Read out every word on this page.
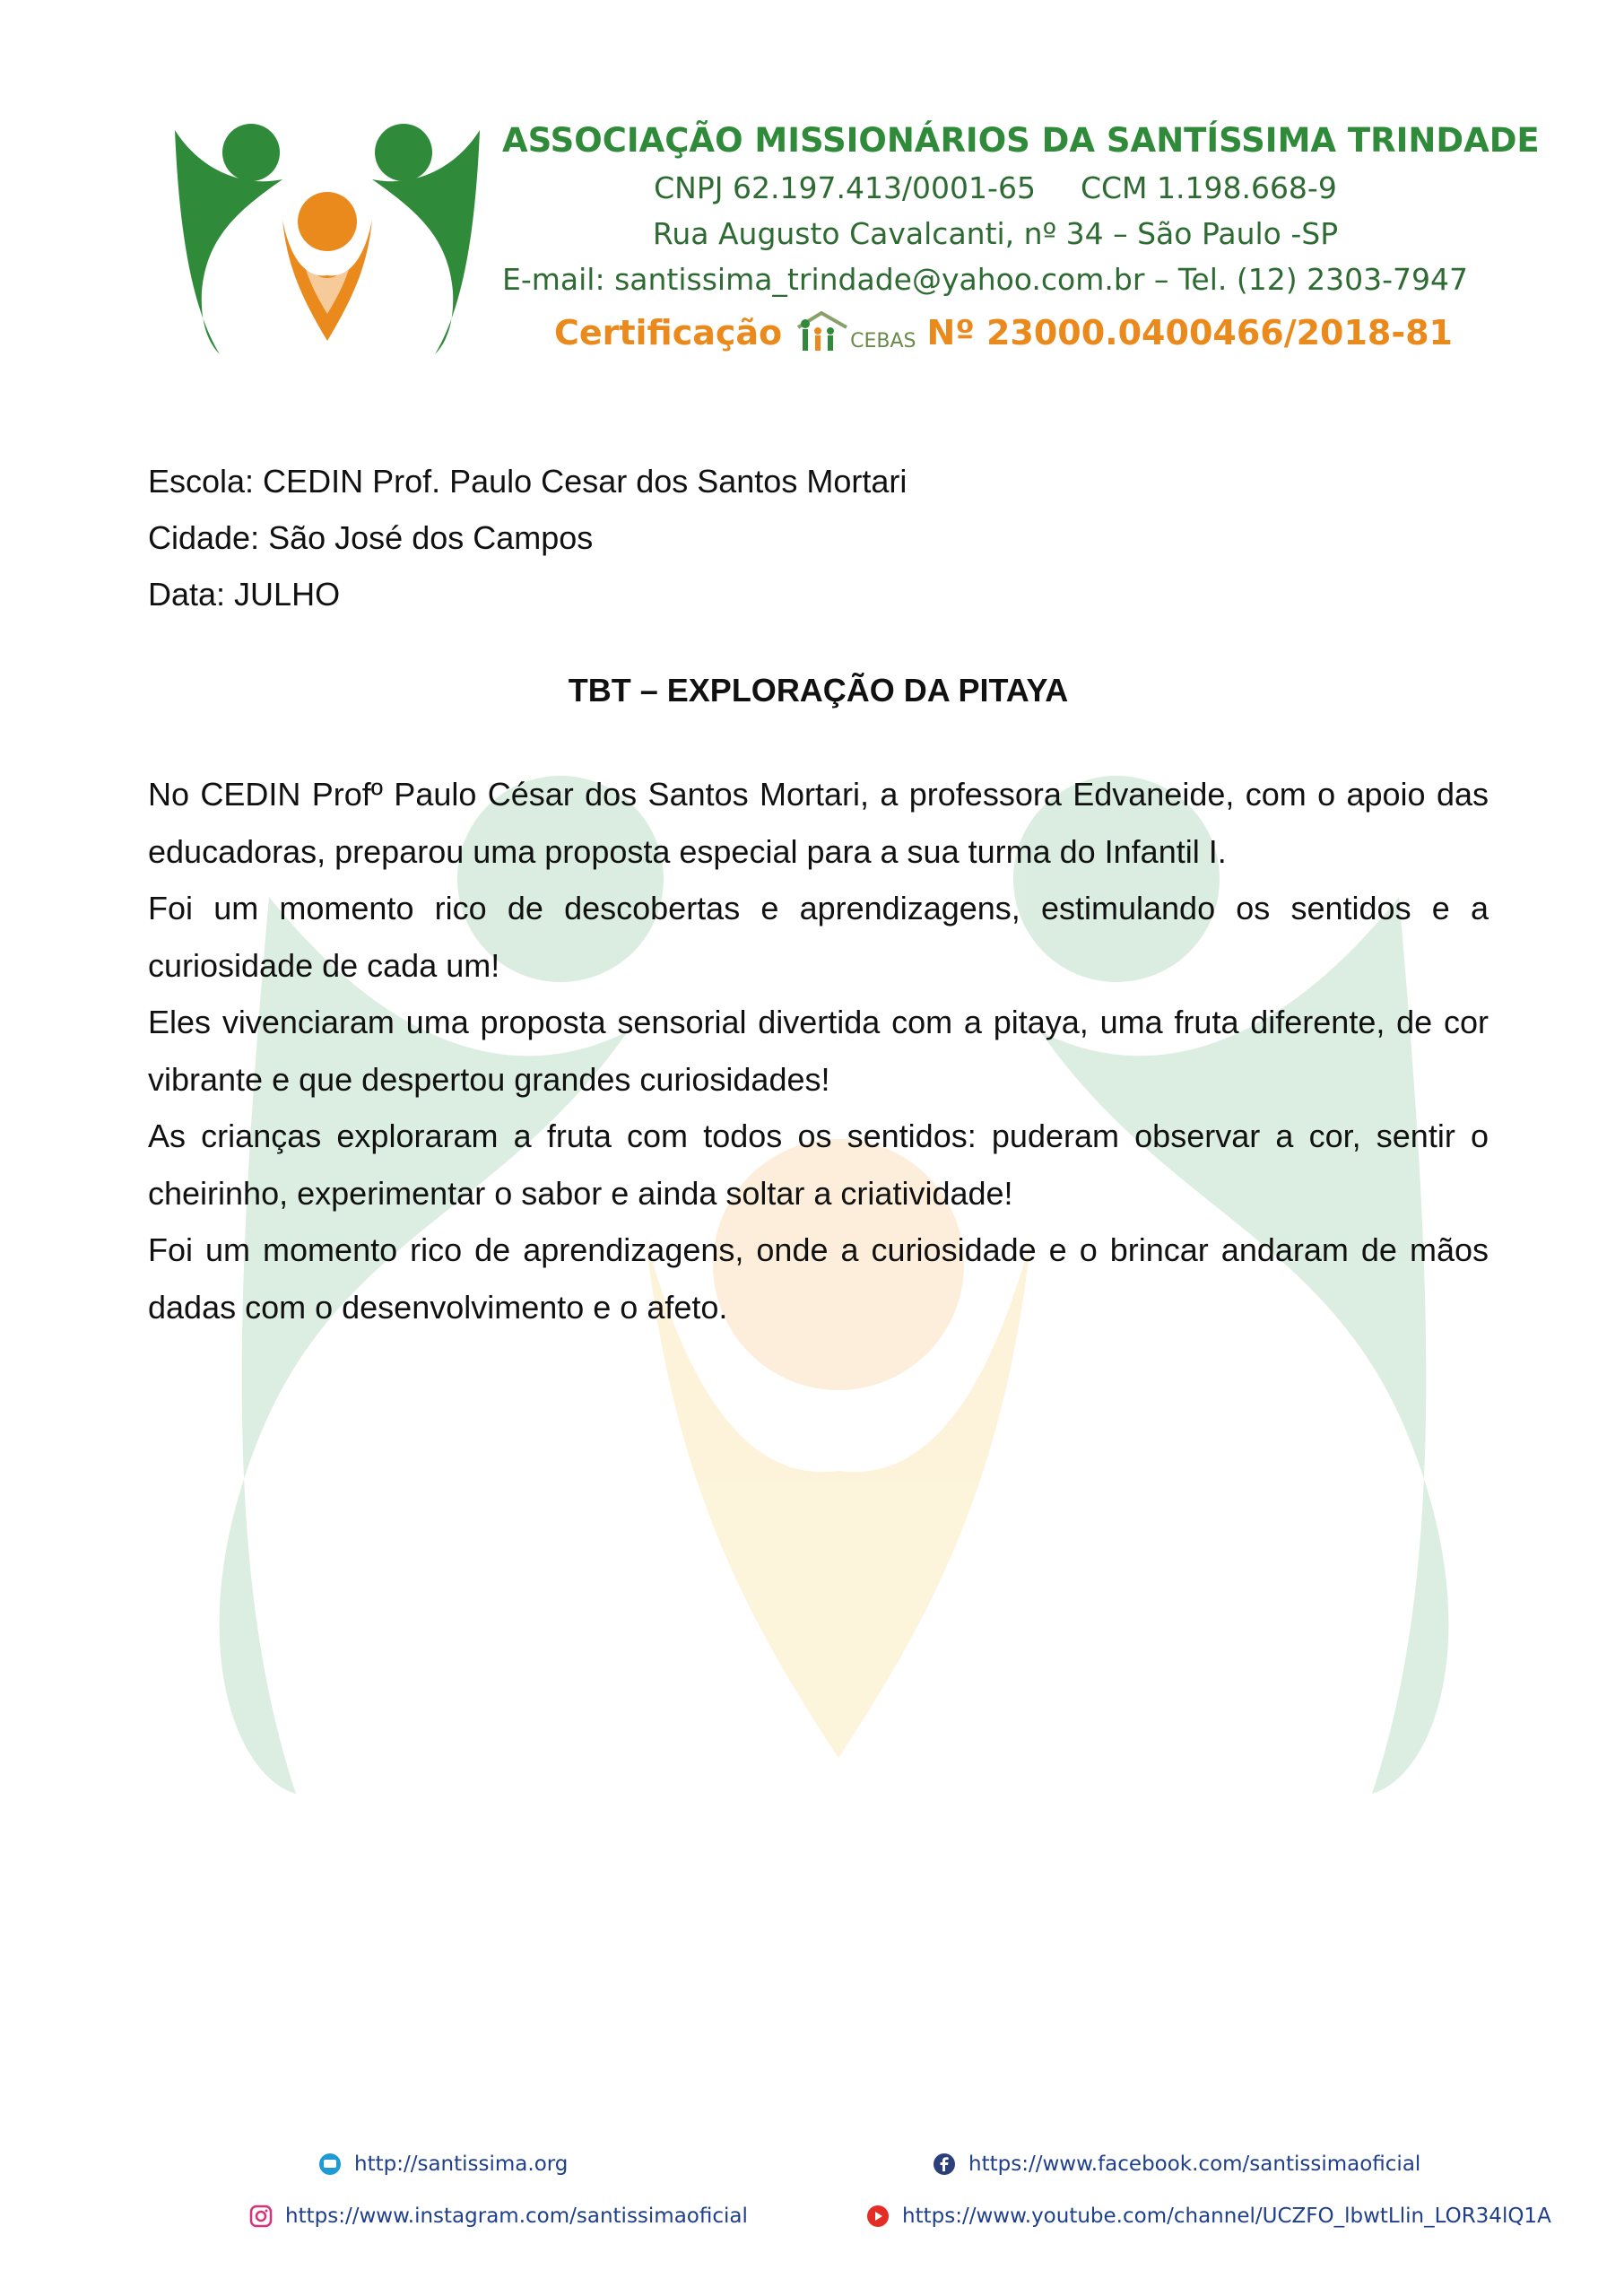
ASSOCIAÇÃO MISSIONÁRIOS DA SANTÍSSIMA TRINDADE
CNPJ 62.197.413/0001-65 CCM 1.198.668-9
Rua Augusto Cavalcanti, nº 34 – São Paulo -SP
E-mail: santissima_trindade@yahoo.com.br – Tel. (12) 2303-7947
Certificação	CEBAS Nº 23000.0400466/2018-81
Escola: CEDIN Prof. Paulo Cesar dos Santos Mortari
Cidade: São José dos Campos
Data: JULHO
TBT – EXPLORAÇÃO DA PITAYA

No CEDIN Profº Paulo César dos Santos Mortari, a professora Edvaneide, com o apoio das educadoras, preparou uma proposta especial para a sua turma do Infantil I.

Foi um momento rico de descobertas e aprendizagens, estimulando os sentidos e a curiosidade de cada um!

Eles vivenciaram uma proposta sensorial divertida com a pitaya, uma fruta diferente, de cor vibrante e que despertou grandes curiosidades!

As crianças exploraram a fruta com todos os sentidos: puderam observar a cor, sentir o cheirinho, experimentar o sabor e ainda soltar a criatividade!

Foi um momento rico de aprendizagens, onde a curiosidade e o brincar andaram de mãos dadas com o desenvolvimento e o afeto.

http://santissima.org	https://www.facebook.com/santissimaoficial
https://www.instagram.com/santissimaoficial	https://www.youtube.com/channel/UCZFO_lbwtLlin_LOR34lQ1A
